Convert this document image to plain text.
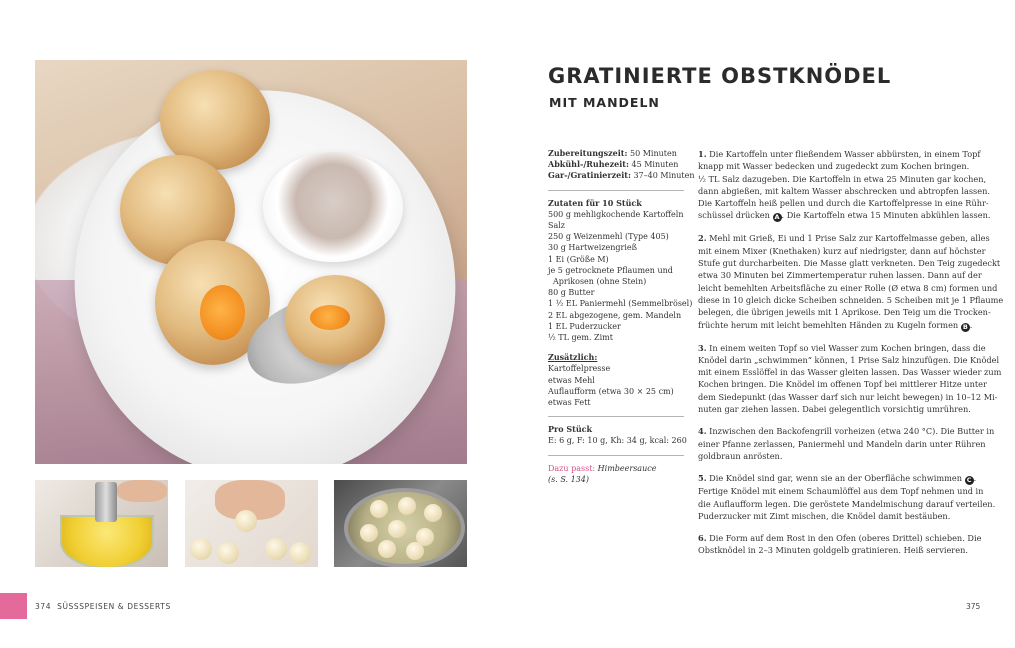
GRATINIERTE OBSTKNÖDEL
MIT MANDELN
Zubereitungszeit: 50 Minuten
Abkühl-/Ruhezeit: 45 Minuten
Gar-/Gratinierzeit: 37–40 Minuten
Zutaten für 10 Stück
500 g mehligkochende Kartoffeln
Salz
250 g Weizenmehl (Type 405)
30 g Hartweizengrieß
1 Ei (Größe M)
je 5 getrocknete Pflaumen und
Aprikosen (ohne Stein)
80 g Butter
1 ½ EL Paniermehl (Semmelbrösel)
2 EL abgezogene, gem. Mandeln
1 EL Puderzucker
½ TL gem. Zimt
Zusätzlich:
Kartoffelpresse
etwas Mehl
Auflaufform (etwa 30 × 25 cm)
etwas Fett
Pro Stück
E: 6 g, F: 10 g, Kh: 34 g, kcal: 260
Dazu passt: Himbeersauce
(s. S. 134)
1. Die Kartoffeln unter fließendem Wasser abbürsten, in einem Topf
knapp mit Wasser bedecken und zugedeckt zum Kochen bringen.
½ TL Salz dazugeben. Die Kartoffeln in etwa 25 Minuten gar kochen,
dann abgießen, mit kaltem Wasser abschrecken und abtropfen lassen.
Die Kartoffeln heiß pellen und durch die Kartoffelpresse in eine Rühr-
schüssel drücken A . Die Kartoffeln etwa 15 Minuten abkühlen lassen.
2. Mehl mit Grieß, Ei und 1 Prise Salz zur Kartoffelmasse geben, alles
mit einem Mixer (Knethaken) kurz auf niedrigster, dann auf höchster
Stufe gut durcharbeiten. Die Masse glatt verkneten. Den Teig zugedeckt
etwa 30 Minuten bei Zimmertemperatur ruhen lassen. Dann auf der
leicht bemehlten Arbeitsfläche zu einer Rolle (Ø etwa 8 cm) formen und
diese in 10 gleich dicke Scheiben schneiden. 5 Scheiben mit je 1 Pflaume
belegen, die übrigen jeweils mit 1 Aprikose. Den Teig um die Trocken-
früchte herum mit leicht bemehlten Händen zu Kugeln formen B .
3. In einem weiten Topf so viel Wasser zum Kochen bringen, dass die
Knödel darin „schwimmen“ können, 1 Prise Salz hinzufügen. Die Knödel
mit einem Esslöffel in das Wasser gleiten lassen. Das Wasser wieder zum
Kochen bringen. Die Knödel im offenen Topf bei mittlerer Hitze unter
dem Siedepunkt (das Wasser darf sich nur leicht bewegen) in 10–12 Mi-
nuten gar ziehen lassen. Dabei gelegentlich vorsichtig umrühren.
4. Inzwischen den Backofengrill vorheizen (etwa 240 °C). Die Butter in
einer Pfanne zerlassen, Paniermehl und Mandeln darin unter Rühren
goldbraun anrösten.
5. Die Knödel sind gar, wenn sie an der Oberfläche schwimmen C .
Fertige Knödel mit einem Schaumlöffel aus dem Topf nehmen und in
die Auflaufform legen. Die geröstete Mandelmischung darauf verteilen.
Puderzucker mit Zimt mischen, die Knödel damit bestäuben.
6. Die Form auf dem Rost in den Ofen (oberes Drittel) schieben. Die
Obstknödel in 2–3 Minuten goldgelb gratinieren. Heiß servieren.
374 SÜSSSPEISEN & DESSERTS	375
